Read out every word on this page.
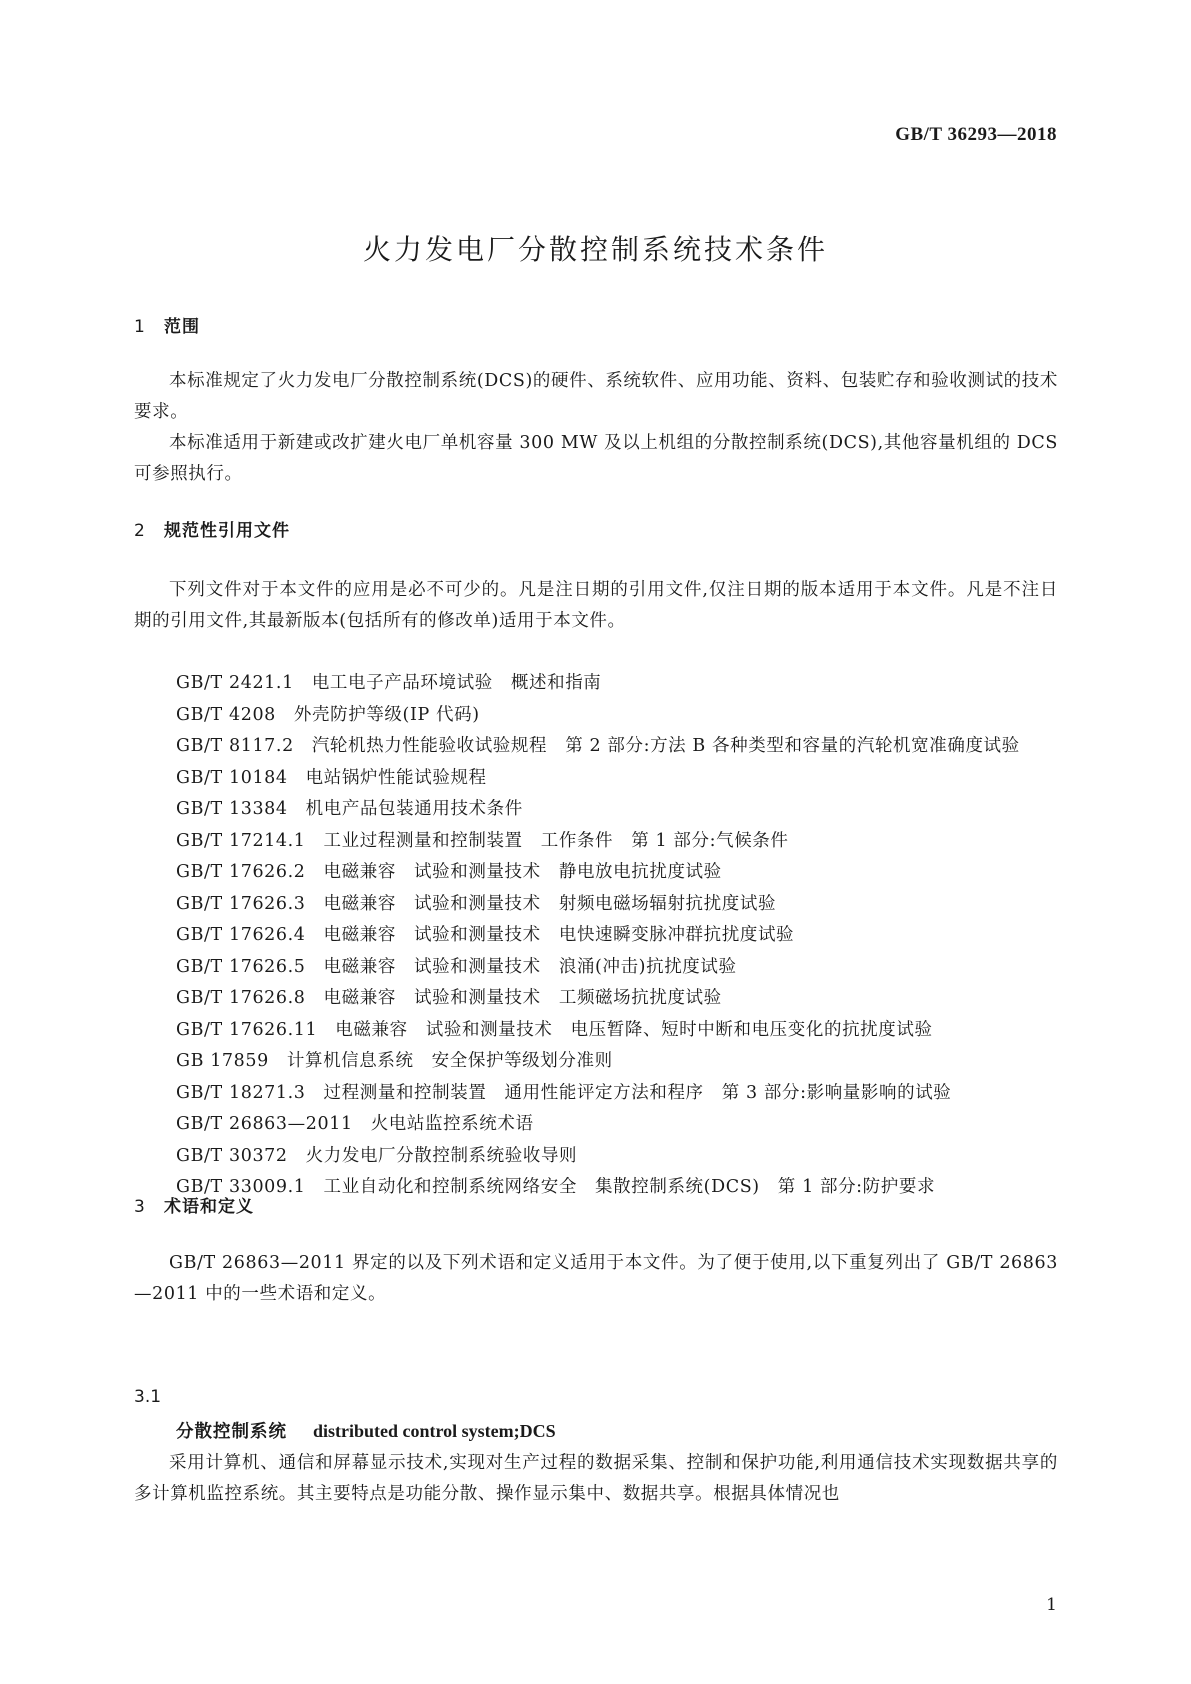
GB/T 36293—2018
火力发电厂分散控制系统技术条件
1 范围

本标准规定了火力发电厂分散控制系统(DCS)的硬件、系统软件、应用功能、资料、包装贮存和验收测试的技术要求。

本标准适用于新建或改扩建火电厂单机容量 300 MW 及以上机组的分散控制系统(DCS),其他容量机组的 DCS 可参照执行。

2 规范性引用文件

下列文件对于本文件的应用是必不可少的。凡是注日期的引用文件,仅注日期的版本适用于本文件。凡是不注日期的引用文件,其最新版本(包括所有的修改单)适用于本文件。

GB/T 2421.1 电工电子产品环境试验　概述和指南
GB/T 4208 外壳防护等级(IP 代码)
GB/T 8117.2 汽轮机热力性能验收试验规程　第 2 部分:方法 B 各种类型和容量的汽轮机宽准确度试验
GB/T 10184 电站锅炉性能试验规程
GB/T 13384 机电产品包装通用技术条件
GB/T 17214.1 工业过程测量和控制装置　工作条件　第 1 部分:气候条件
GB/T 17626.2 电磁兼容　试验和测量技术　静电放电抗扰度试验
GB/T 17626.3 电磁兼容　试验和测量技术　射频电磁场辐射抗扰度试验
GB/T 17626.4 电磁兼容　试验和测量技术　电快速瞬变脉冲群抗扰度试验
GB/T 17626.5 电磁兼容　试验和测量技术　浪涌(冲击)抗扰度试验
GB/T 17626.8 电磁兼容　试验和测量技术　工频磁场抗扰度试验
GB/T 17626.11 电磁兼容　试验和测量技术　电压暂降、短时中断和电压变化的抗扰度试验
GB 17859 计算机信息系统　安全保护等级划分准则
GB/T 18271.3 过程测量和控制装置　通用性能评定方法和程序　第 3 部分:影响量影响的试验
GB/T 26863—2011 火电站监控系统术语
GB/T 30372 火力发电厂分散控制系统验收导则
GB/T 33009.1 工业自动化和控制系统网络安全　集散控制系统(DCS)　第 1 部分:防护要求
3 术语和定义

GB/T 26863—2011 界定的以及下列术语和定义适用于本文件。为了便于使用,以下重复列出了 GB/T 26863—2011 中的一些术语和定义。

3.1
分散控制系统 distributed control system;DCS

采用计算机、通信和屏幕显示技术,实现对生产过程的数据采集、控制和保护功能,利用通信技术实现数据共享的多计算机监控系统。其主要特点是功能分散、操作显示集中、数据共享。根据具体情况也

1
